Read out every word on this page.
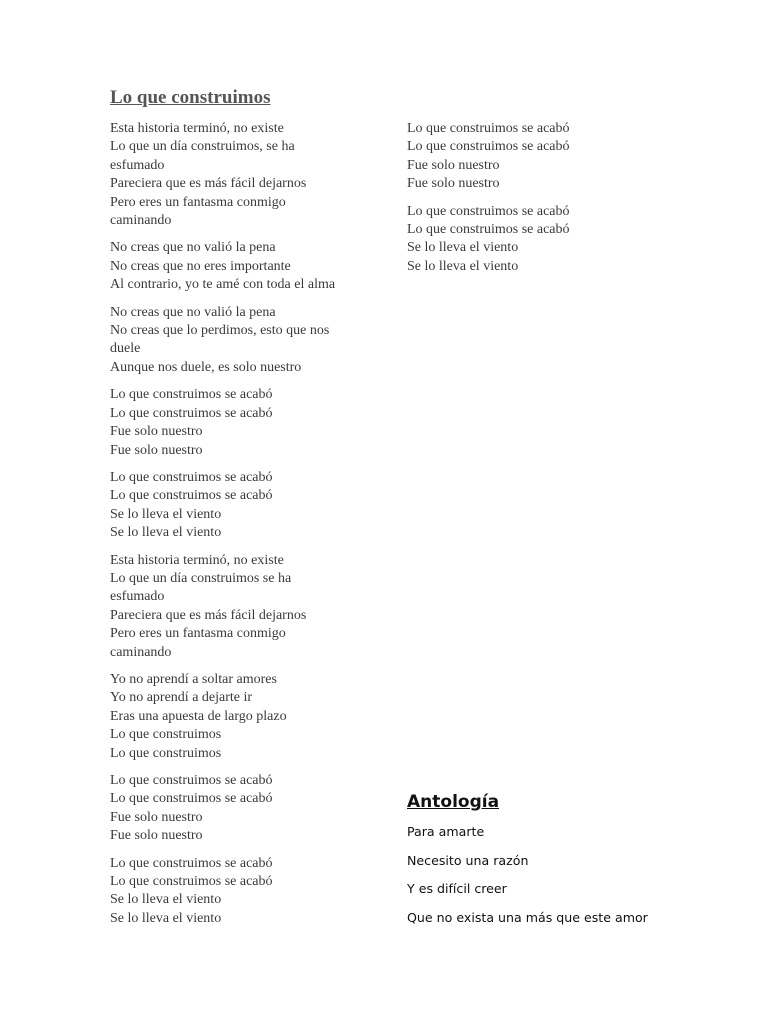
Lo que construimos
Esta historia terminó, no existe
Lo que un día construimos, se ha
esfumado
Pareciera que es más fácil dejarnos
Pero eres un fantasma conmigo
caminando
No creas que no valió la pena
No creas que no eres importante
Al contrario, yo te amé con toda el alma
No creas que no valió la pena
No creas que lo perdimos, esto que nos
duele
Aunque nos duele, es solo nuestro
Lo que construimos se acabó
Lo que construimos se acabó
Fue solo nuestro
Fue solo nuestro
Lo que construimos se acabó
Lo que construimos se acabó
Se lo lleva el viento
Se lo lleva el viento
Esta historia terminó, no existe
Lo que un día construimos se ha
esfumado
Pareciera que es más fácil dejarnos
Pero eres un fantasma conmigo
caminando
Yo no aprendí a soltar amores
Yo no aprendí a dejarte ir
Eras una apuesta de largo plazo
Lo que construimos
Lo que construimos
Lo que construimos se acabó
Lo que construimos se acabó
Fue solo nuestro
Fue solo nuestro
Lo que construimos se acabó
Lo que construimos se acabó
Se lo lleva el viento
Se lo lleva el viento
Lo que construimos se acabó
Lo que construimos se acabó
Fue solo nuestro
Fue solo nuestro
Lo que construimos se acabó
Lo que construimos se acabó
Se lo lleva el viento
Se lo lleva el viento
Antología
Para amarte
Necesito una razón
Y es difícil creer
Que no exista una más que este amor
